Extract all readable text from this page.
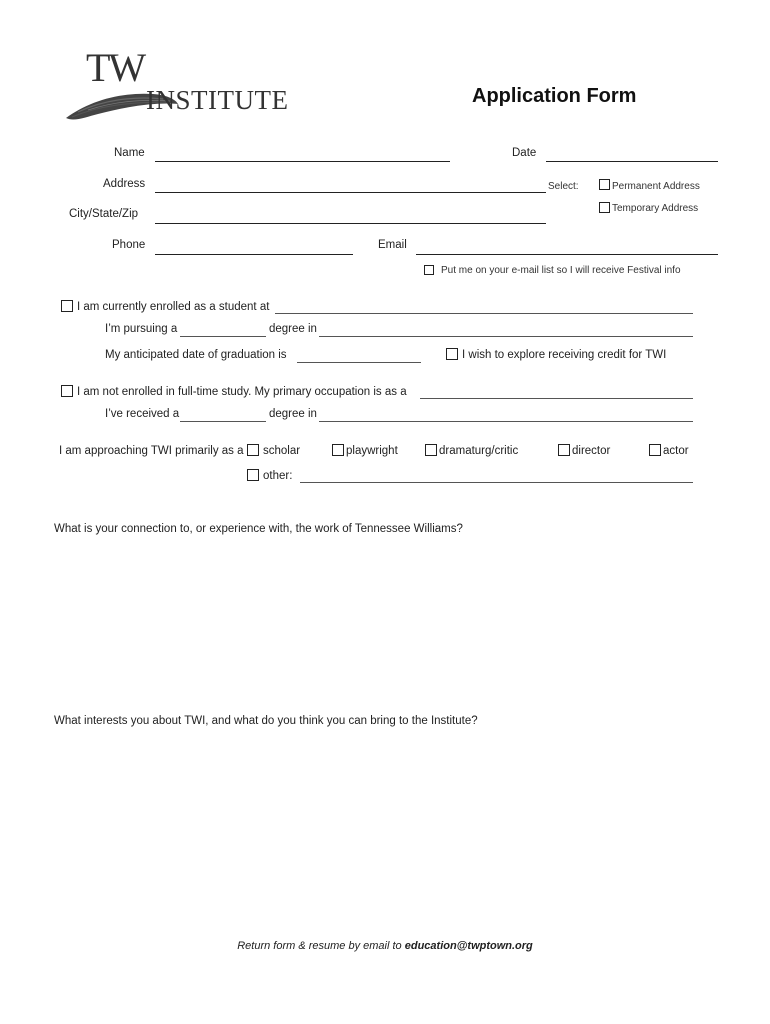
TW
INSTITUTE	Application Form
Name	Date
Address	Select:	Permanent Address
Temporary Address
City/State/Zip
Phone	Email
Put me on your e-mail list so I will receive Festival info
I am currently enrolled as a student at
I’m pursuing a	degree in
My anticipated date of graduation is	I wish to explore receiving credit for TWI
I am not enrolled in full-time study. My primary occupation is as a
I’ve received a	degree in
I am approaching TWI primarily as a scholar	playwright	dramaturg/critic	director	actor
other:
What is your connection to, or experience with, the work of Tennessee Williams?
What interests you about TWI, and what do you think you can bring to the Institute?
Return form & resume by email to education@twptown.org
